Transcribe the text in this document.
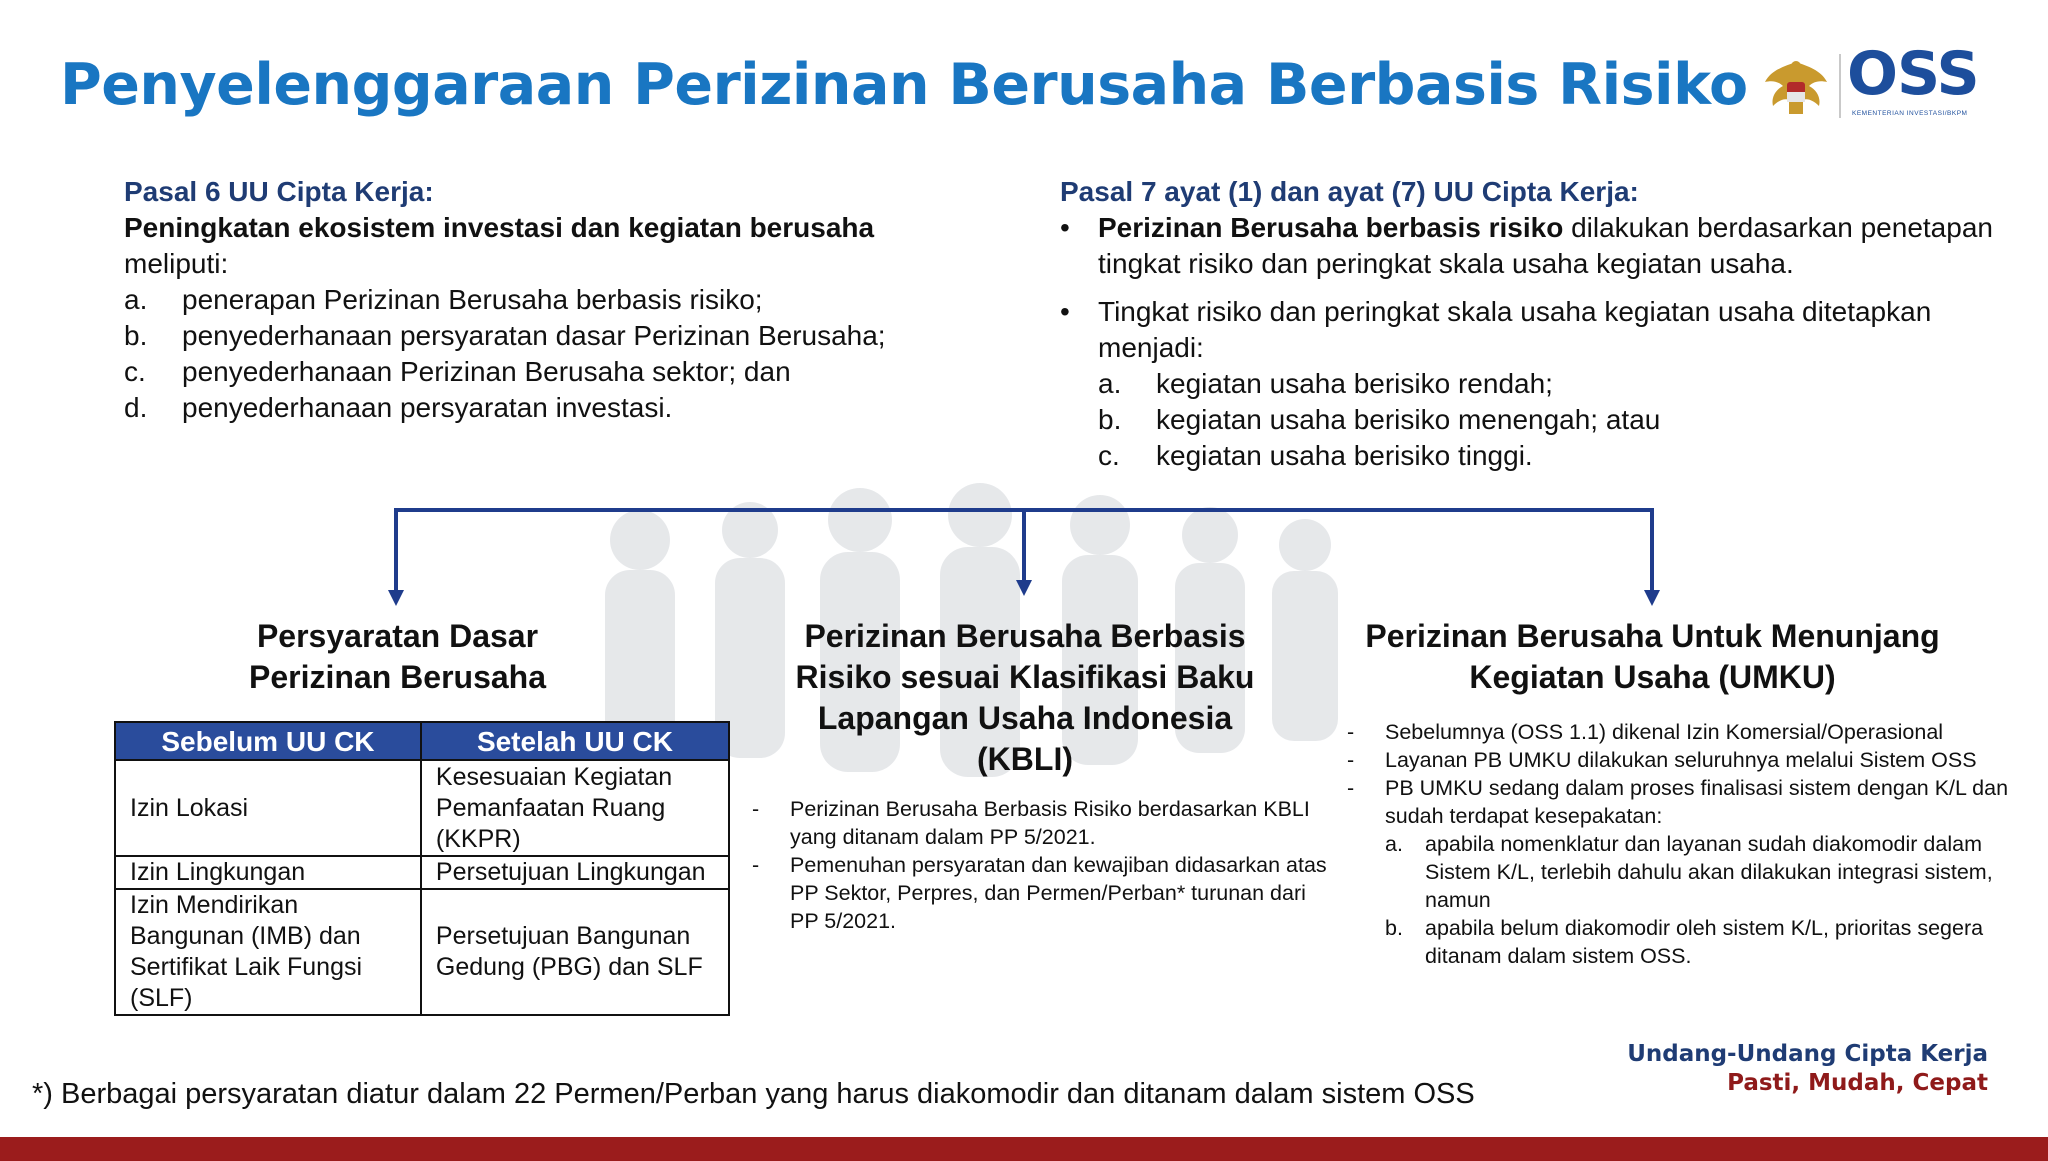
Penyelenggaraan Perizinan Berusaha Berbasis Risiko OSS
KEMENTERIAN INVESTASI/BKPM

Pasal 6 UU Cipta Kerja:

Peningkatan ekosistem investasi dan kegiatan berusaha

meliputi:

a.	penerapan Perizinan Berusaha berbasis risiko;
b.	penyederhanaan persyaratan dasar Perizinan Berusaha;
c.	penyederhanaan Perizinan Berusaha sektor; dan
d.	penyederhanaan persyaratan investasi.

Pasal 7 ayat (1) dan ayat (7) UU Cipta Kerja:

•	Perizinan Berusaha berbasis risiko dilakukan berdasarkan penetapan tingkat risiko dan peringkat skala usaha kegiatan usaha.
•	Tingkat risiko dan peringkat skala usaha kegiatan usaha ditetapkan menjadi:
a.	kegiatan usaha berisiko rendah;
b.	kegiatan usaha berisiko menengah; atau
c.	kegiatan usaha berisiko tinggi.
Persyaratan Dasar Perizinan Berusaha
Sebelum UU CK	Setelah UU CK
Izin Lokasi	Kesesuaian Kegiatan Pemanfaatan Ruang (KKPR)
Izin Lingkungan	Persetujuan Lingkungan
Izin Mendirikan Bangunan (IMB) dan Sertifikat Laik Fungsi (SLF)	Persetujuan Bangunan Gedung (PBG) dan SLF
Perizinan Berusaha Berbasis Risiko sesuai Klasifikasi Baku Lapangan Usaha Indonesia (KBLI)
-	Perizinan Berusaha Berbasis Risiko berdasarkan KBLI yang ditanam dalam PP 5/2021.
-	Pemenuhan persyaratan dan kewajiban didasarkan atas PP Sektor, Perpres, dan Permen/Perban* turunan dari PP 5/2021.
Perizinan Berusaha Untuk Menunjang Kegiatan Usaha (UMKU)
-	Sebelumnya (OSS 1.1) dikenal Izin Komersial/Operasional
-	Layanan PB UMKU dilakukan seluruhnya melalui Sistem OSS
-	PB UMKU sedang dalam proses finalisasi sistem dengan K/L dan sudah terdapat kesepakatan:
a.	apabila nomenklatur dan layanan sudah diakomodir dalam Sistem K/L, terlebih dahulu akan dilakukan integrasi sistem, namun
b.	apabila belum diakomodir oleh sistem K/L, prioritas segera ditanam dalam sistem OSS.
*) Berbagai persyaratan diatur dalam 22 Permen/Perban yang harus diakomodir dan ditanam dalam sistem OSS
Undang-Undang Cipta Kerja
Pasti, Mudah, Cepat
